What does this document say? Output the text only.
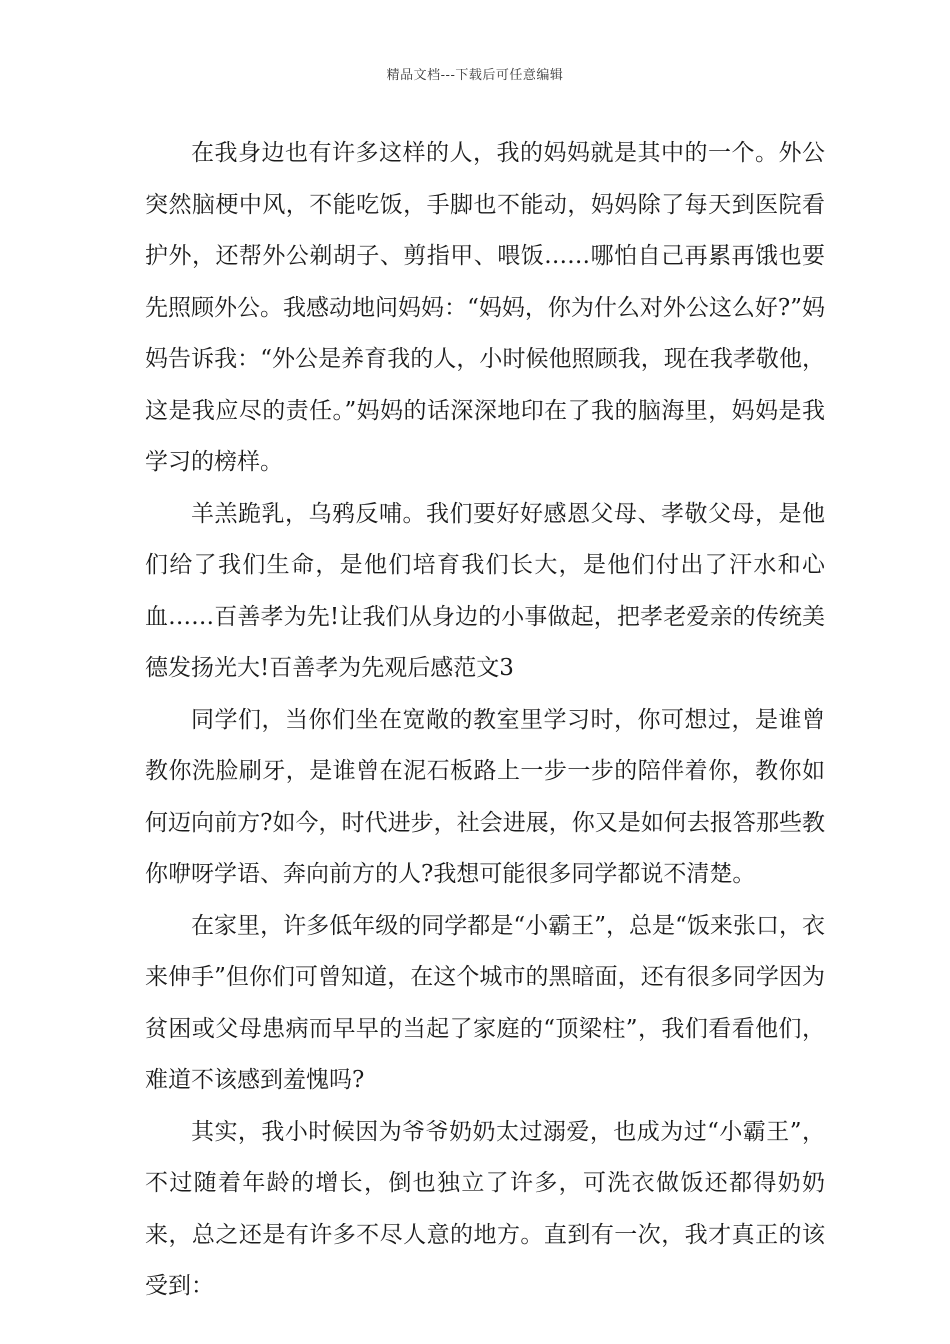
精品文档---下载后可任意编辑

在我身边也有许多这样的人，我的妈妈就是其中的一个。外公突然脑梗中风，不能吃饭，手脚也不能动，妈妈除了每天到医院看护外，还帮外公剃胡子、剪指甲、喂饭……哪怕自己再累再饿也要先照顾外公。我感动地问妈妈：“妈妈，你为什么对外公这么好?”妈妈告诉我：“外公是养育我的人，小时候他照顾我，现在我孝敬他，这是我应尽的责任。”妈妈的话深深地印在了我的脑海里，妈妈是我学习的榜样。

羊羔跪乳，乌鸦反哺。我们要好好感恩父母、孝敬父母，是他们给了我们生命，是他们培育我们长大，是他们付出了汗水和心血……百善孝为先!让我们从身边的小事做起，把孝老爱亲的传统美德发扬光大!百善孝为先观后感范文3

同学们，当你们坐在宽敞的教室里学习时，你可想过，是谁曾教你洗脸刷牙，是谁曾在泥石板路上一步一步的陪伴着你，教你如何迈向前方?如今，时代进步，社会进展，你又是如何去报答那些教你咿呀学语、奔向前方的人?我想可能很多同学都说不清楚。

在家里，许多低年级的同学都是“小霸王”，总是“饭来张口，衣来伸手”但你们可曾知道，在这个城市的黑暗面，还有很多同学因为贫困或父母患病而早早的当起了家庭的“顶梁柱”，我们看看他们，难道不该感到羞愧吗?

其实，我小时候因为爷爷奶奶太过溺爱，也成为过“小霸王”，不过随着年龄的增长，倒也独立了许多，可洗衣做饭还都得奶奶来，总之还是有许多不尽人意的地方。直到有一次，我才真正的该受到：
